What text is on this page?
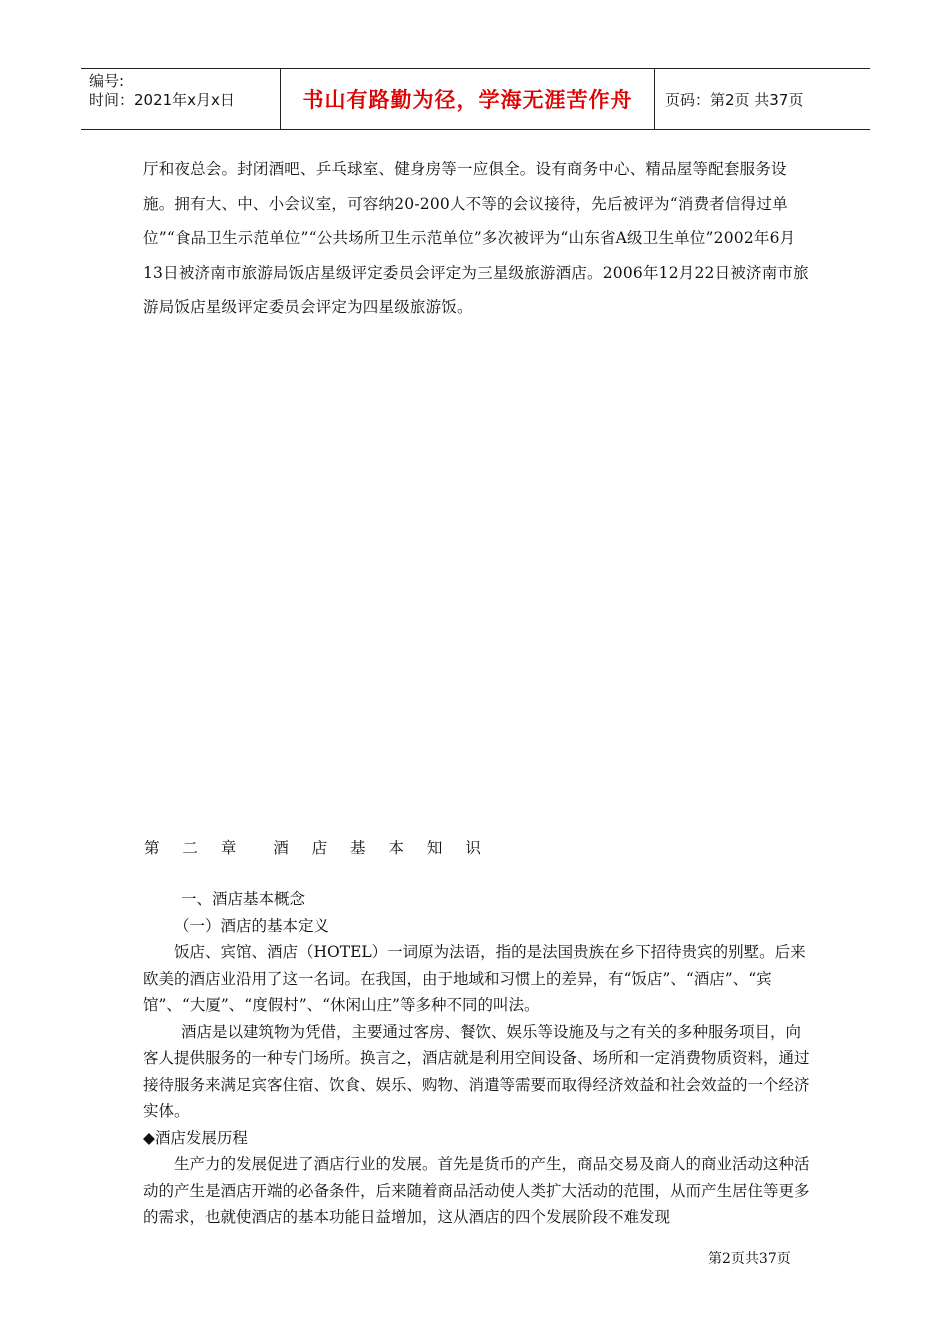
编号:
时间：2021年x月x日	书山有路勤为径，学海无涯苦作舟	页码：第2页 共37页
厅和夜总会。封闭酒吧、乒乓球室、健身房等一应俱全。设有商务中心、精品屋等配套服务设施。拥有大、中、小会议室，可容纳20-200人不等的会议接待，先后被评为“消费者信得过单位”“食品卫生示范单位”“公共场所卫生示范单位”多次被评为“山东省A级卫生单位”2002年6月13日被济南市旅游局饭店星级评定委员会评定为三星级旅游酒店。2006年12月22日被济南市旅游局饭店星级评定委员会评定为四星级旅游饭。
第 二 章  酒 店 基 本 知 识

一、酒店基本概念

（一）酒店的基本定义

饭店、宾馆、酒店（HOTEL）一词原为法语，指的是法国贵族在乡下招待贵宾的别墅。后来欧美的酒店业沿用了这一名词。在我国，由于地域和习惯上的差异，有“饭店”、“酒店”、“宾馆”、“大厦”、“度假村”、“休闲山庄”等多种不同的叫法。

酒店是以建筑物为凭借，主要通过客房、餐饮、娱乐等设施及与之有关的多种服务项目，向客人提供服务的一种专门场所。换言之，酒店就是利用空间设备、场所和一定消费物质资料，通过接待服务来满足宾客住宿、饮食、娱乐、购物、消遣等需要而取得经济效益和社会效益的一个经济实体。

◆酒店发展历程

生产力的发展促进了酒店行业的发展。首先是货币的产生，商品交易及商人的商业活动这种活动的产生是酒店开端的必备条件，后来随着商品活动使人类扩大活动的范围，从而产生居住等更多的需求，也就使酒店的基本功能日益增加，这从酒店的四个发展阶段不难发现

第2页共37页
